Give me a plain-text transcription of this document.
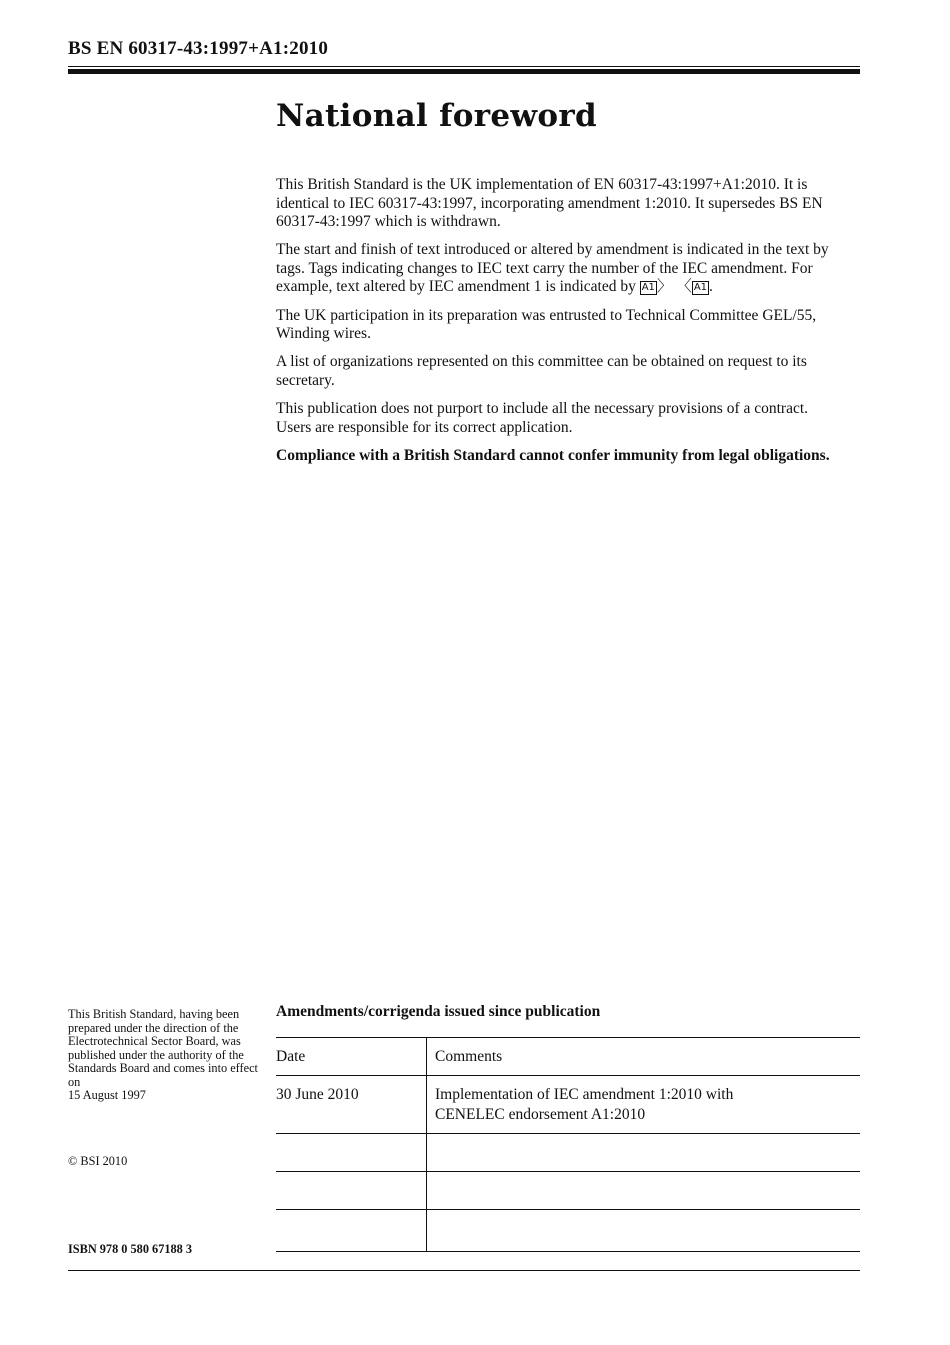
BS EN 60317-43:1997+A1:2010
National foreword

This British Standard is the UK implementation of EN 60317-43:1997+A1:2010. It is identical to IEC 60317-43:1997, incorporating amendment 1:2010. It supersedes BS EN 60317-43:1997 which is withdrawn.

The start and finish of text introduced or altered by amendment is indicated in the text by tags. Tags indicating changes to IEC text carry the number of the IEC amendment. For example, text altered by IEC amendment 1 is indicated by A1 〉 〈 A1 .

The UK participation in its preparation was entrusted to Technical Committee GEL/55, Winding wires.

A list of organizations represented on this committee can be obtained on request to its secretary.

This publication does not purport to include all the necessary provisions of a contract. Users are responsible for its correct application.

Compliance with a British Standard cannot confer immunity from legal obligations.

This British Standard, having been prepared under the direction of the Electrotechnical Sector Board, was published under the authority of the Standards Board and comes into effect on
15 August 1997
© BSI 2010
ISBN 978 0 580 67188 3
Amendments/corrigenda issued since publication
Date	Comments
30 June 2010	Implementation of IEC amendment 1:2010 with
CENELEC endorsement A1:2010
